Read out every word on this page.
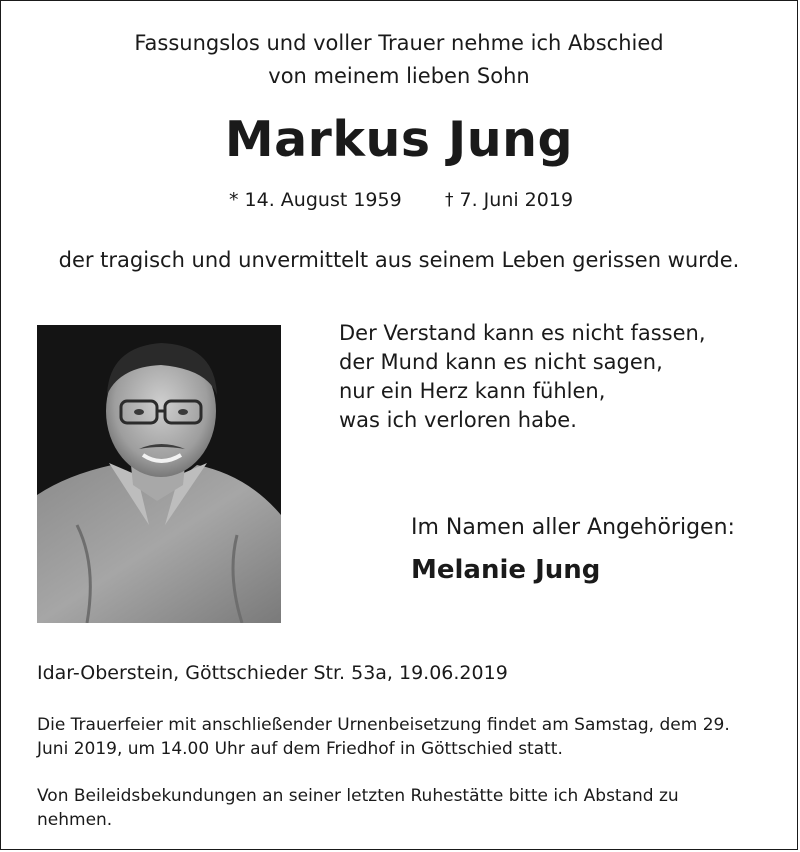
Fassungslos und voller Trauer nehme ich Abschied
von meinem lieben Sohn
Markus Jung
* 14. August 1959	† 7. Juni 2019
der tragisch und unvermittelt aus seinem Leben gerissen wurde.
Der Verstand kann es nicht fassen,
der Mund kann es nicht sagen,
nur ein Herz kann fühlen,
was ich verloren habe.
Im Namen aller Angehörigen:
Melanie Jung
Idar-Oberstein, Göttschieder Str. 53a, 19.06.2019
Die Trauerfeier mit anschließender Urnenbeisetzung findet am Samstag, dem 29. Juni 2019, um 14.00 Uhr auf dem Friedhof in Göttschied statt.
Von Beileidsbekundungen an seiner letzten Ruhestätte bitte ich Abstand zu nehmen.
